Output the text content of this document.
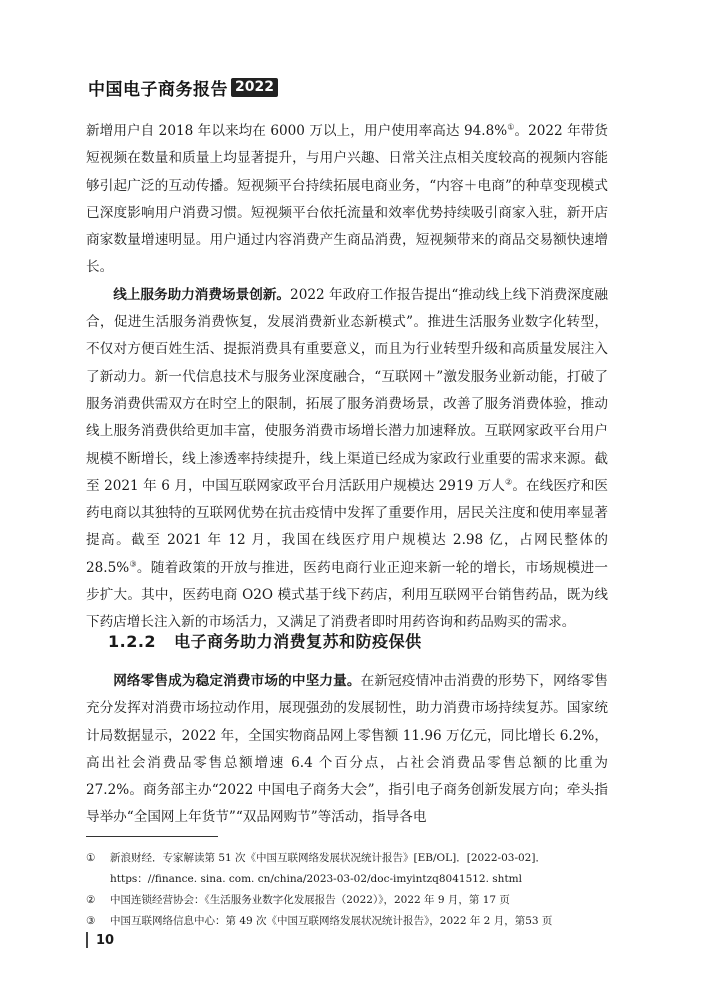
中国电子商务报告 2022

新增用户自 2018 年以来均在 6000 万以上，用户使用率高达 94.8%①。2022 年带货短视频在数量和质量上均显著提升，与用户兴趣、日常关注点相关度较高的视频内容能够引起广泛的互动传播。短视频平台持续拓展电商业务，“内容＋电商”的种草变现模式已深度影响用户消费习惯。短视频平台依托流量和效率优势持续吸引商家入驻，新开店商家数量增速明显。用户通过内容消费产生商品消费，短视频带来的商品交易额快速增长。

线上服务助力消费场景创新。2022 年政府工作报告提出“推动线上线下消费深度融合，促进生活服务消费恢复，发展消费新业态新模式”。推进生活服务业数字化转型，不仅对方便百姓生活、提振消费具有重要意义，而且为行业转型升级和高质量发展注入了新动力。新一代信息技术与服务业深度融合，“互联网＋”激发服务业新动能，打破了服务消费供需双方在时空上的限制，拓展了服务消费场景，改善了服务消费体验，推动线上服务消费供给更加丰富，使服务消费市场增长潜力加速释放。互联网家政平台用户规模不断增长，线上渗透率持续提升，线上渠道已经成为家政行业重要的需求来源。截至 2021 年 6 月，中国互联网家政平台月活跃用户规模达 2919 万人②。在线医疗和医药电商以其独特的互联网优势在抗击疫情中发挥了重要作用，居民关注度和使用率显著提高。截至 2021 年 12 月，我国在线医疗用户规模达 2.98 亿，占网民整体的 28.5%③。随着政策的开放与推进，医药电商行业正迎来新一轮的增长，市场规模进一步扩大。其中，医药电商 O2O 模式基于线下药店，利用互联网平台销售药品，既为线下药店增长注入新的市场活力，又满足了消费者即时用药咨询和药品购买的需求。

1.2.2 电子商务助力消费复苏和防疫保供

网络零售成为稳定消费市场的中坚力量。在新冠疫情冲击消费的形势下，网络零售充分发挥对消费市场拉动作用，展现强劲的发展韧性，助力消费市场持续复苏。国家统计局数据显示，2022 年，全国实物商品网上零售额 11.96 万亿元，同比增长 6.2%，高出社会消费品零售总额增速 6.4 个百分点，占社会消费品零售总额的比重为 27.2%。商务部主办“2022 中国电子商务大会”，指引电子商务创新发展方向；牵头指导举办“全国网上年货节”“双品网购节”等活动，指导各电

①	新浪财经．专家解读第 51 次《中国互联网络发展状况统计报告》[EB/OL]．[2022-03-02]．https：//finance. sina. com. cn/china/2023-03-02/doc-imyintzq8041512. shtml
②	中国连锁经营协会：《生活服务业数字化发展报告（2022）》，2022 年 9 月，第 17 页
③	中国互联网络信息中心：第 49 次《中国互联网络发展状况统计报告》，2022 年 2 月，第53 页
10
